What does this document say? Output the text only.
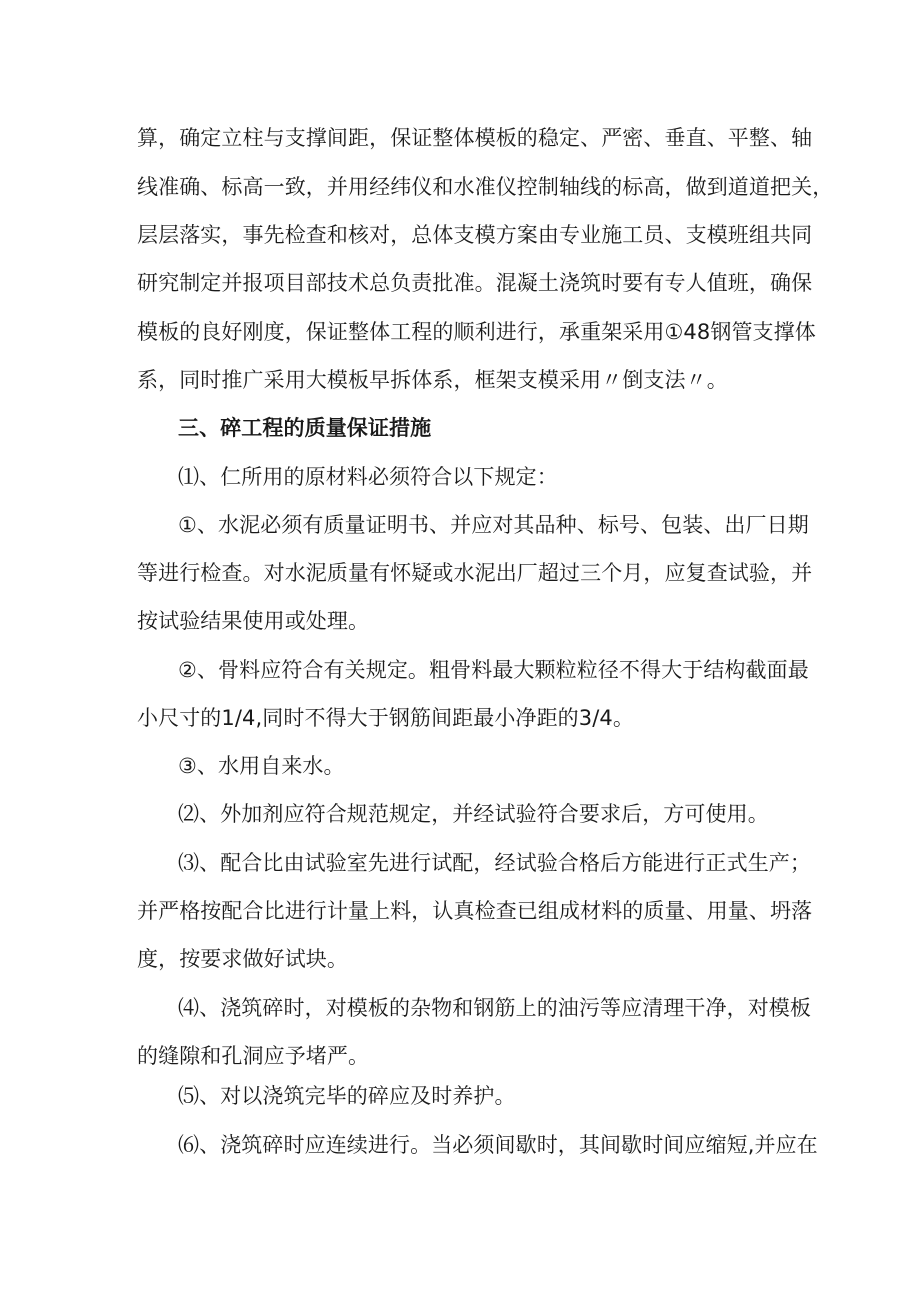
算，确定立柱与支撑间距，保证整体模板的稳定、严密、垂直、平整、轴
线准确、标高一致，并用经纬仪和水准仪控制轴线的标高，做到道道把关，
层层落实，事先检查和核对，总体支模方案由专业施工员、支模班组共同
研究制定并报项目部技术总负责批准。混凝土浇筑时要有专人值班，确保
模板的良好刚度，保证整体工程的顺利进行，承重架采用①48钢管支撑体
系，同时推广采用大模板早拆体系，框架支模采用〃倒支法〃。
三、碎工程的质量保证措施
⑴、仁所用的原材料必须符合以下规定：
①、水泥必须有质量证明书、并应对其品种、标号、包装、出厂日期
等进行检查。对水泥质量有怀疑或水泥出厂超过三个月，应复查试验，并
按试验结果使用或处理。
②、骨料应符合有关规定。粗骨料最大颗粒粒径不得大于结构截面最
小尺寸的1/4,同时不得大于钢筋间距最小净距的3/4。
③、水用自来水。
⑵、外加剂应符合规范规定，并经试验符合要求后，方可使用。
⑶、配合比由试验室先进行试配，经试验合格后方能进行正式生产；
并严格按配合比进行计量上料，认真检查已组成材料的质量、用量、坍落
度，按要求做好试块。
⑷、浇筑碎时，对模板的杂物和钢筋上的油污等应清理干净，对模板
的缝隙和孔洞应予堵严。
⑸、对以浇筑完毕的碎应及时养护。
⑹、浇筑碎时应连续进行。当必须间歇时，其间歇时间应缩短,并应在
